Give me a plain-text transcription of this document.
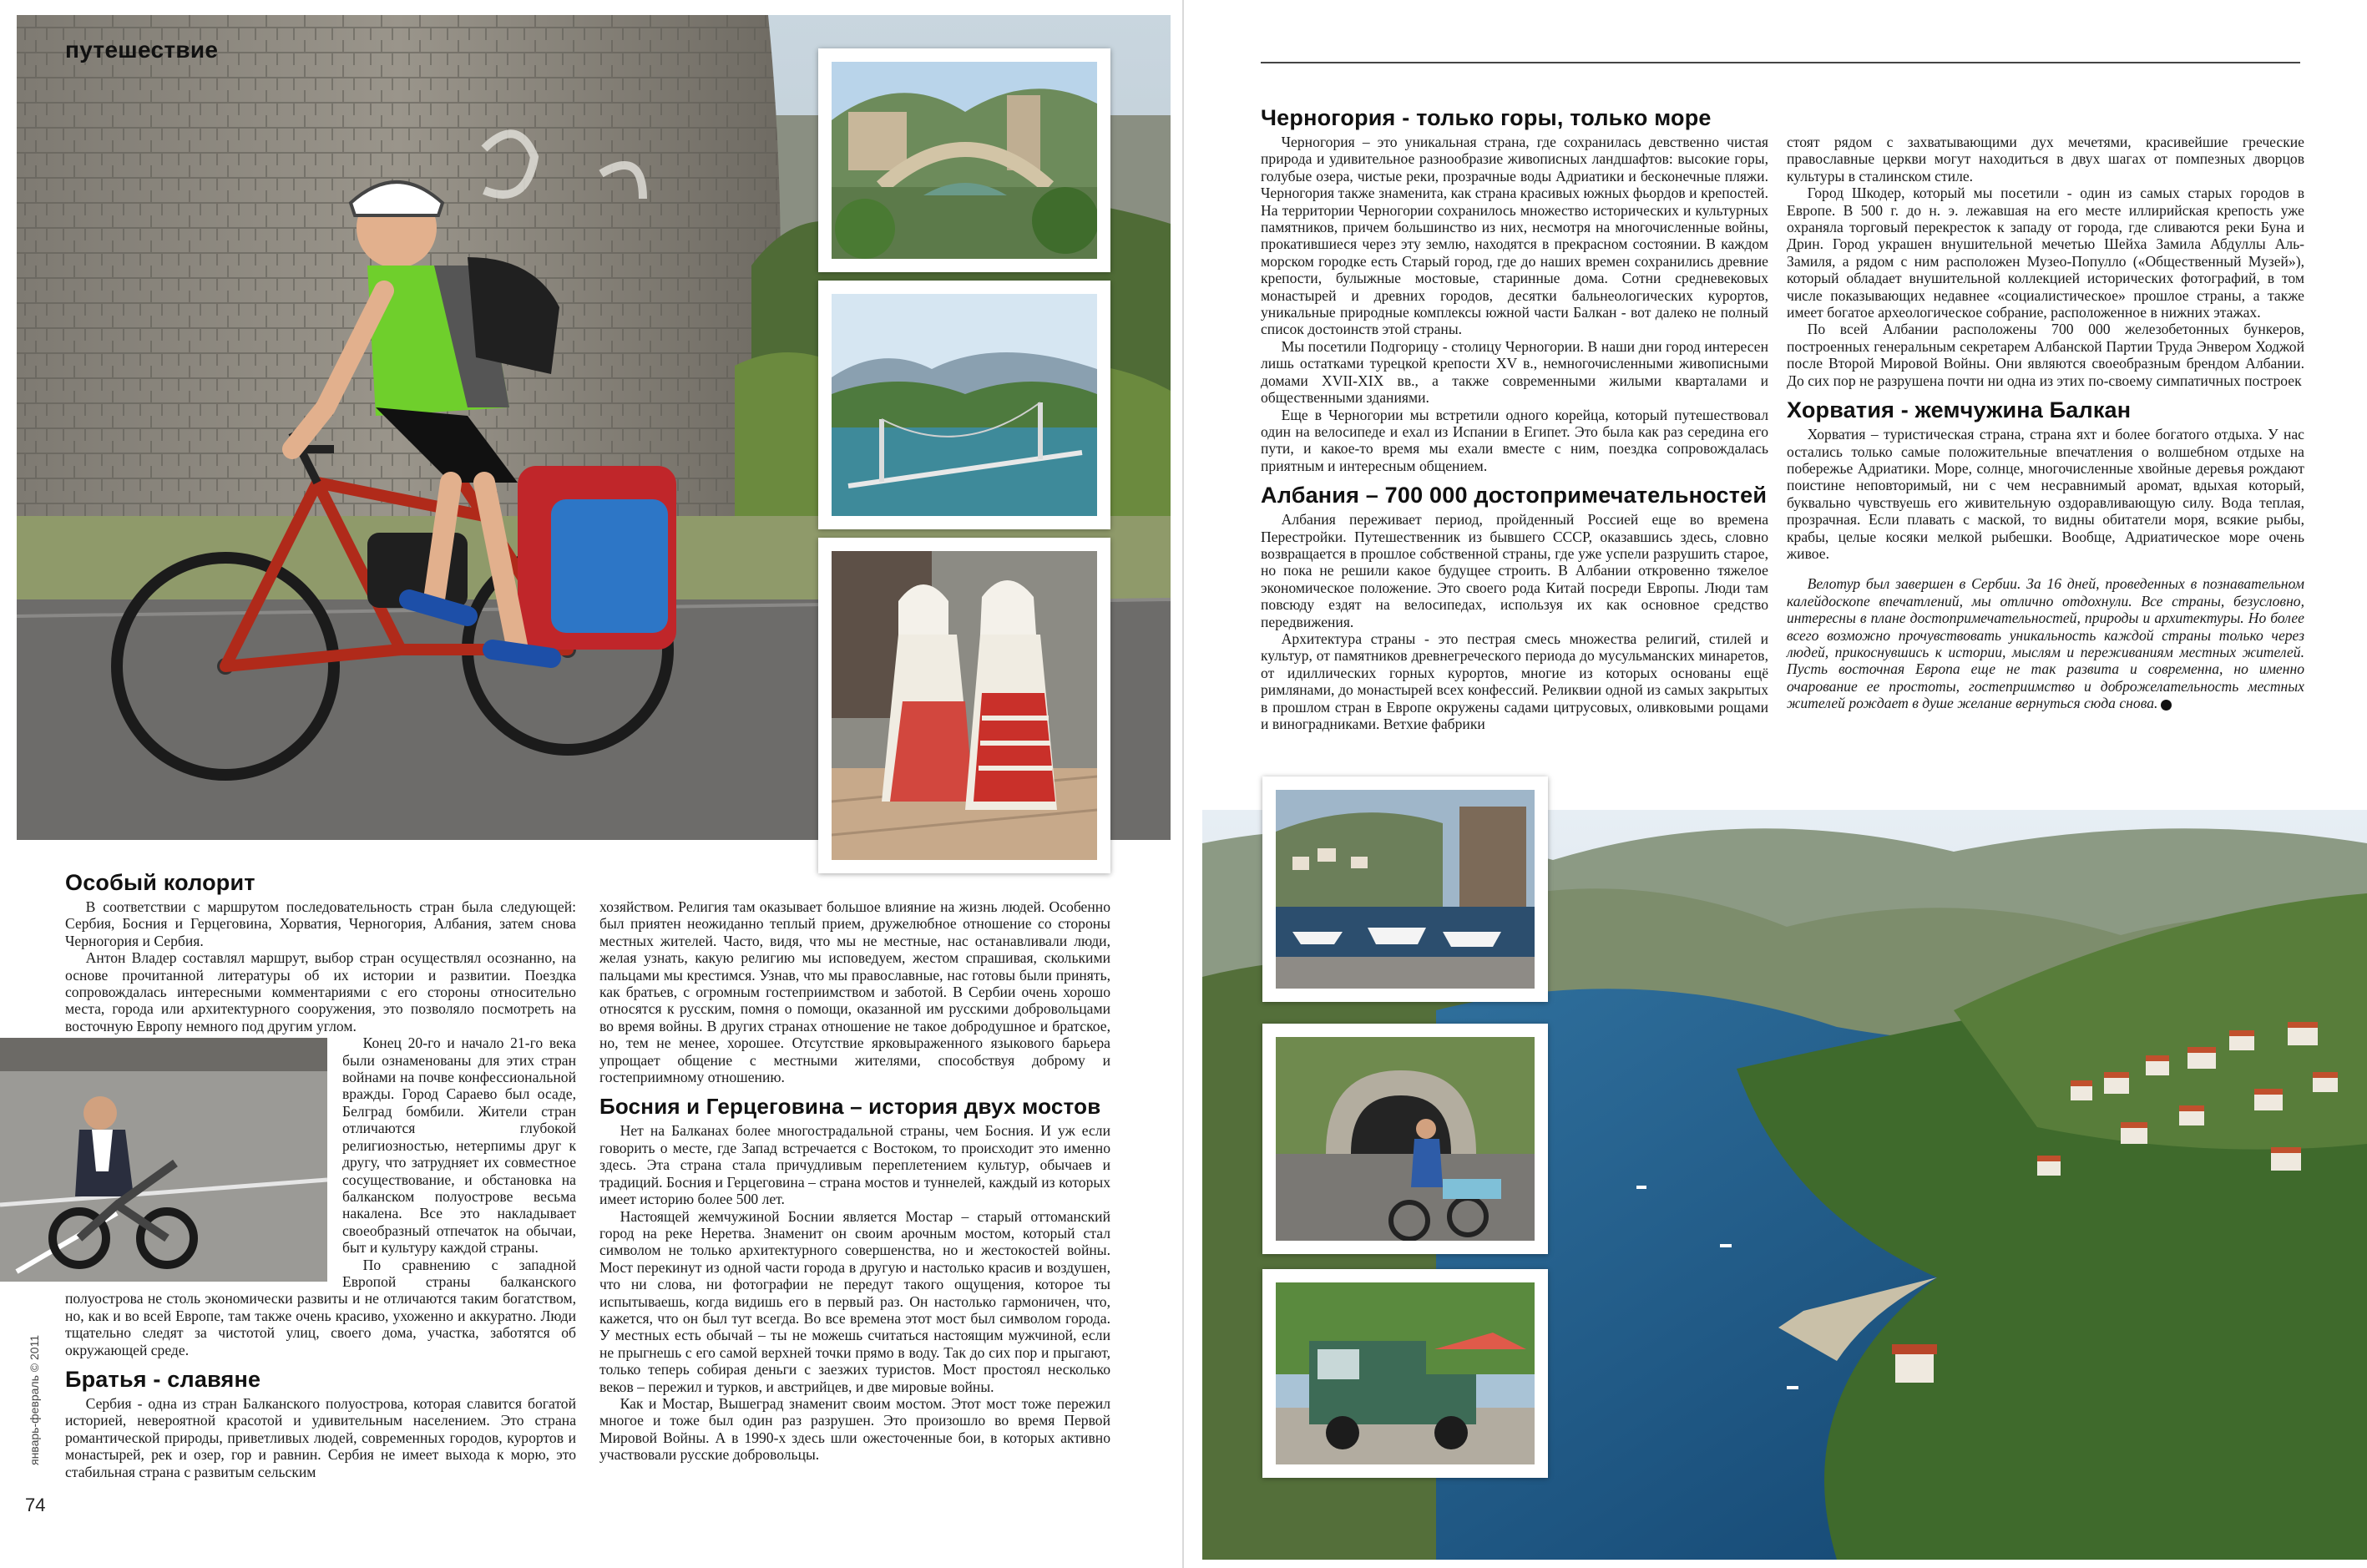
путешествие
Особый колорит

В соответствии с маршрутом последовательность стран была следующей: Сербия, Босния и Герцеговина, Хорватия, Черногория, Албания, затем снова Черногория и Сербия.

Антон Владер составлял маршрут, выбор стран осуществлял осознанно, на основе прочитанной литературы об их истории и развитии. Поездка сопровождалась интересными комментариями с его стороны относительно места, города или архитектурного сооружения, это позволяло посмотреть на восточную Европу немного под другим углом.

Конец 20-го и начало 21-го века были ознаменованы для этих стран войнами на почве конфессиональной вражды. Город Сараево был осаде, Белград бомбили. Жители стран отличаются глубокой религиозностью, нетерпимы друг к другу, что затрудняет их совместное сосуществование, и обстановка на балканском полуострове весьма накалена. Все это накладывает своеобразный отпечаток на обычаи, быт и культуру каждой страны.

По сравнению с западной Европой страны балканского полуострова не столь экономически развиты и не отличаются таким богатством, но, как и во всей Европе, там также очень красиво, ухоженно и аккуратно. Люди тщательно следят за чистотой улиц, своего дома, участка, заботятся об окружающей среде.

Братья - славяне

Сербия - одна из стран Балканского полуострова, которая славится богатой историей, невероятной красотой и удивительным населением. Это страна романтической природы, приветливых людей, современных городов, курортов и монастырей, рек и озер, гор и равнин. Сербия не имеет выхода к морю, это стабильная страна с развитым сельским

хозяйством. Религия там оказывает большое влияние на жизнь людей. Особенно был приятен неожиданно теплый прием, дружелюбное отношение со стороны местных жителей. Часто, видя, что мы не местные, нас останавливали люди, желая узнать, какую религию мы исповедуем, жестом спрашивая, сколькими пальцами мы крестимся. Узнав, что мы православные, нас готовы были принять, как братьев, с огромным гостеприимством и заботой. В Сербии очень хорошо относятся к русским, помня о помощи, оказанной им русскими добровольцами во время войны. В других странах отношение не такое добродушное и братское, но, тем не менее, хорошее. Отсутствие ярковыраженного языкового барьера упрощает общение с местными жителями, способствуя доброму и гостеприимному отношению.

Босния и Герцеговина – история двух мостов

Нет на Балканах более многострадальной страны, чем Босния. И уж если говорить о месте, где Запад встречается с Востоком, то происходит это именно здесь. Эта страна стала причудливым переплетением культур, обычаев и традиций. Босния и Герцеговина – страна мостов и туннелей, каждый из которых имеет историю более 500 лет.

Настоящей жемчужиной Боснии является Мостар – старый оттоманский город на реке Неретва. Знаменит он своим арочным мостом, который стал символом не только архитектурного совершенства, но и жестокостей войны. Мост перекинут из одной части города в другую и настолько красив и воздушен, что ни слова, ни фотографии не передут такого ощущения, которое ты испытываешь, когда видишь его в первый раз. Он настолько гармоничен, что, кажется, что он был тут всегда. Во все времена этот мост был символом города. У местных есть обычай – ты не можешь считаться настоящим мужчиной, если не прыгнешь с его самой верхней точки прямо в воду. Так до сих пор и прыгают, только теперь собирая деньги с заезжих туристов. Мост простоял несколько веков – пережил и турков, и австрийцев, и две мировые войны.

Как и Мостар, Вышеград знаменит своим мостом. Этот мост тоже пережил многое и тоже был один раз разрушен. Это произошло во время Первой Мировой Войны. А в 1990-х здесь шли ожесточенные бои, в которых активно участвовали русские добровольцы.

январь-февраль © 2011
74
Черногория - только горы, только море

Черногория – это уникальная страна, где сохранилась девственно чистая природа и удивительное разнообразие живописных ландшафтов: высокие горы, голубые озера, чистые реки, прозрачные воды Адриатики и бесконечные пляжи. Черногория также знаменита, как страна красивых южных фьордов и крепостей. На территории Черногории сохранилось множество исторических и культурных памятников, причем большинство из них, несмотря на многочисленные войны, прокатившиеся через эту землю, находятся в прекрасном состоянии. В каждом морском городке есть Старый город, где до наших времен сохранились древние крепости, булыжные мостовые, старинные дома. Сотни средневековых монастырей и древних городов, десятки бальнеологических курортов, уникальные природные комплексы южной части Балкан - вот далеко не полный список достоинств этой страны.

Мы посетили Подгорицу - столицу Черногории. В наши дни город интересен лишь остатками турецкой крепости XV в., немногочисленными живописными домами XVII-XIX вв., а также современными жилыми кварталами и общественными зданиями.

Еще в Черногории мы встретили одного корейца, который путешествовал один на велосипеде и ехал из Испании в Египет. Это была как раз середина его пути, и какое-то время мы ехали вместе с ним, поездка сопровождалась приятным и интересным общением.

Албания – 700 000 достопримечательностей

Албания переживает период, пройденный Россией еще во времена Перестройки. Путешественник из бывшего СССР, оказавшись здесь, словно возвращается в прошлое собственной страны, где уже успели разрушить старое, но пока не решили какое будущее строить. В Албании откровенно тяжелое экономическое положение. Это своего рода Китай посреди Европы. Люди там повсюду ездят на велосипедах, используя их как основное средство передвижения.

Архитектура страны - это пестрая смесь множества религий, стилей и культур, от памятников древнегреческого периода до мусульманских минаретов, от идиллических горных курортов, многие из которых основаны ещё римлянами, до монастырей всех конфессий. Реликвии одной из самых закрытых в прошлом стран в Европе окружены садами цитрусовых, оливковыми рощами и виноградниками. Ветхие фабрики

стоят рядом с захватывающими дух мечетями, красивейшие греческие православные церкви могут находиться в двух шагах от помпезных дворцов культуры в сталинском стиле.

Город Шкодер, который мы посетили - один из самых старых городов в Европе. В 500 г. до н. э. лежавшая на его месте иллирийская крепость уже охраняла торговый перекресток к западу от города, где сливаются реки Буна и Дрин. Город украшен внушительной мечетью Шейха Замила Абдуллы Аль-Замиля, а рядом с ним расположен Музео-Популло («Общественный Музей»), который обладает внушительной коллекцией исторических фотографий, в том числе показывающих недавнее «социалистическое» прошлое страны, а также имеет богатое археологическое собрание, расположенное в нижних этажах.

По всей Албании расположены 700 000 железобетонных бункеров, построенных генеральным секретарем Албанской Партии Труда Энвером Ходжой после Второй Мировой Войны. Они являются своеобразным брендом Албании. До сих пор не разрушена почти ни одна из этих по-своему симпатичных построек

Хорватия - жемчужина Балкан

Хорватия – туристическая страна, страна яхт и более богатого отдыха. У нас остались только самые положительные впечатления о волшебном отдыхе на побережье Адриатики. Море, солнце, многочисленные хвойные деревья рождают поистине неповторимый, ни с чем несравнимый аромат, вдыхая который, буквально чувствуешь его живительную оздоравливающую силу. Вода теплая, прозрачная. Если плавать с маской, то видны обитатели моря, всякие рыбы, крабы, целые косяки мелкой рыбешки. Вообще, Адриатическое море очень живое.

Велотур был завершен в Сербии. За 16 дней, проведенных в познавательном калейдоскопе впечатлений, мы отлично отдохнули. Все страны, безусловно, интересны в плане достопримечательностей, природы и архитектуры. Но более всего возможно прочувствовать уникальность каждой страны только через людей, прикоснувшись к истории, мыслям и переживаниям местных жителей. Пусть восточная Европа еще не так развита и современна, но именно очарование ее простоты, гостеприимство и доброжелательность местных жителей рождает в душе желание вернуться сюда снова.
